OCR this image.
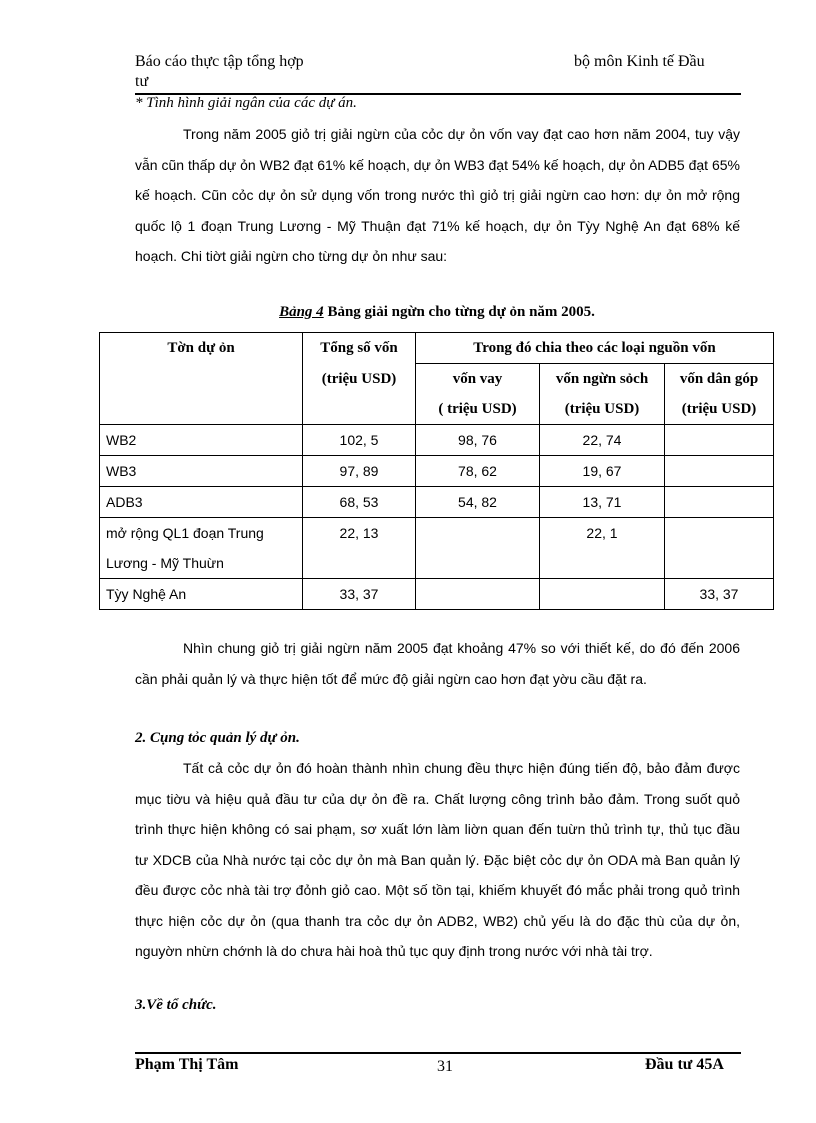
Báo cáo thực tập tổng hợp
tư
bộ môn Kinh tế Đầu
* Tình hình giải ngân của các dự án.

Trong năm 2005 giỏ trị giải ngừn của cỏc dự ỏn vốn vay đạt cao hơn năm 2004, tuy vậy vẫn cũn thấp dự ỏn WB2 đạt 61% kế hoạch, dự ỏn WB3 đạt 54% kế hoạch, dự ỏn ADB5 đạt 65% kế hoạch. Cũn cỏc dự ỏn sử dụng vốn trong nước thì giỏ trị giải ngừn cao hơn: dự ỏn mở rộng quốc lộ 1 đoạn Trung Lương - Mỹ Thuận đạt 71% kế hoạch, dự ỏn Tỳy Nghệ An đạt 68% kế hoạch. Chi tiờt giải ngừn cho từng dự ỏn như sau:

Bảng 4 Bảng giải ngừn cho từng dự ỏn năm 2005.
Tờn dự ỏn	Tổng số vốn	Trong đó chia theo các loại nguồn vốn		
	(triệu USD)	vốn vay	vốn ngừn sỏch	vốn dân góp
		( triệu USD)	(triệu USD)	(triệu USD)
WB2	102, 5	98, 76	22, 74	
WB3	97, 89	78, 62	19, 67	
ADB3	68, 53	54, 82	13, 71	
mở rộng QL1 đoạn Trung Lương - Mỹ Thuừn	22, 13		22, 1	
Tỳy Nghệ An	33, 37			33, 37

Nhìn chung giỏ trị giải ngừn năm 2005 đạt khoảng 47% so với thiết kế, do đó đến 2006 cần phải quản lý và thực hiện tốt để mức độ giải ngừn cao hơn đạt yờu cầu đặt ra.

2. Cụng tỏc quản lý dự ỏn.

Tất cả cỏc dự ỏn đó hoàn thành nhìn chung đều thực hiện đúng tiến độ, bảo đảm được mục tiờu và hiệu quả đầu tư của dự ỏn đề ra. Chất lượng công trình bảo đảm. Trong suốt quỏ trình thực hiện không có sai phạm, sơ xuất lớn làm liờn quan đến tuừn thủ trình tự, thủ tục đầu tư XDCB của Nhà nước tại cỏc dự ỏn mà Ban quản lý. Đặc biệt cỏc dự ỏn ODA mà Ban quản lý đều được cỏc nhà tài trợ đỏnh giỏ cao. Một số tồn tại, khiếm khuyết đó mắc phải trong quỏ trình thực hiện cỏc dự ỏn (qua thanh tra cỏc dự ỏn ADB2, WB2) chủ yếu là do đặc thù của dự ỏn, nguyờn nhừn chớnh là do chưa hài hoà thủ tục quy định trong nước với nhà tài trợ.

3.Về tổ chức.
Phạm Thị Tâm	31	Đầu tư 45A
